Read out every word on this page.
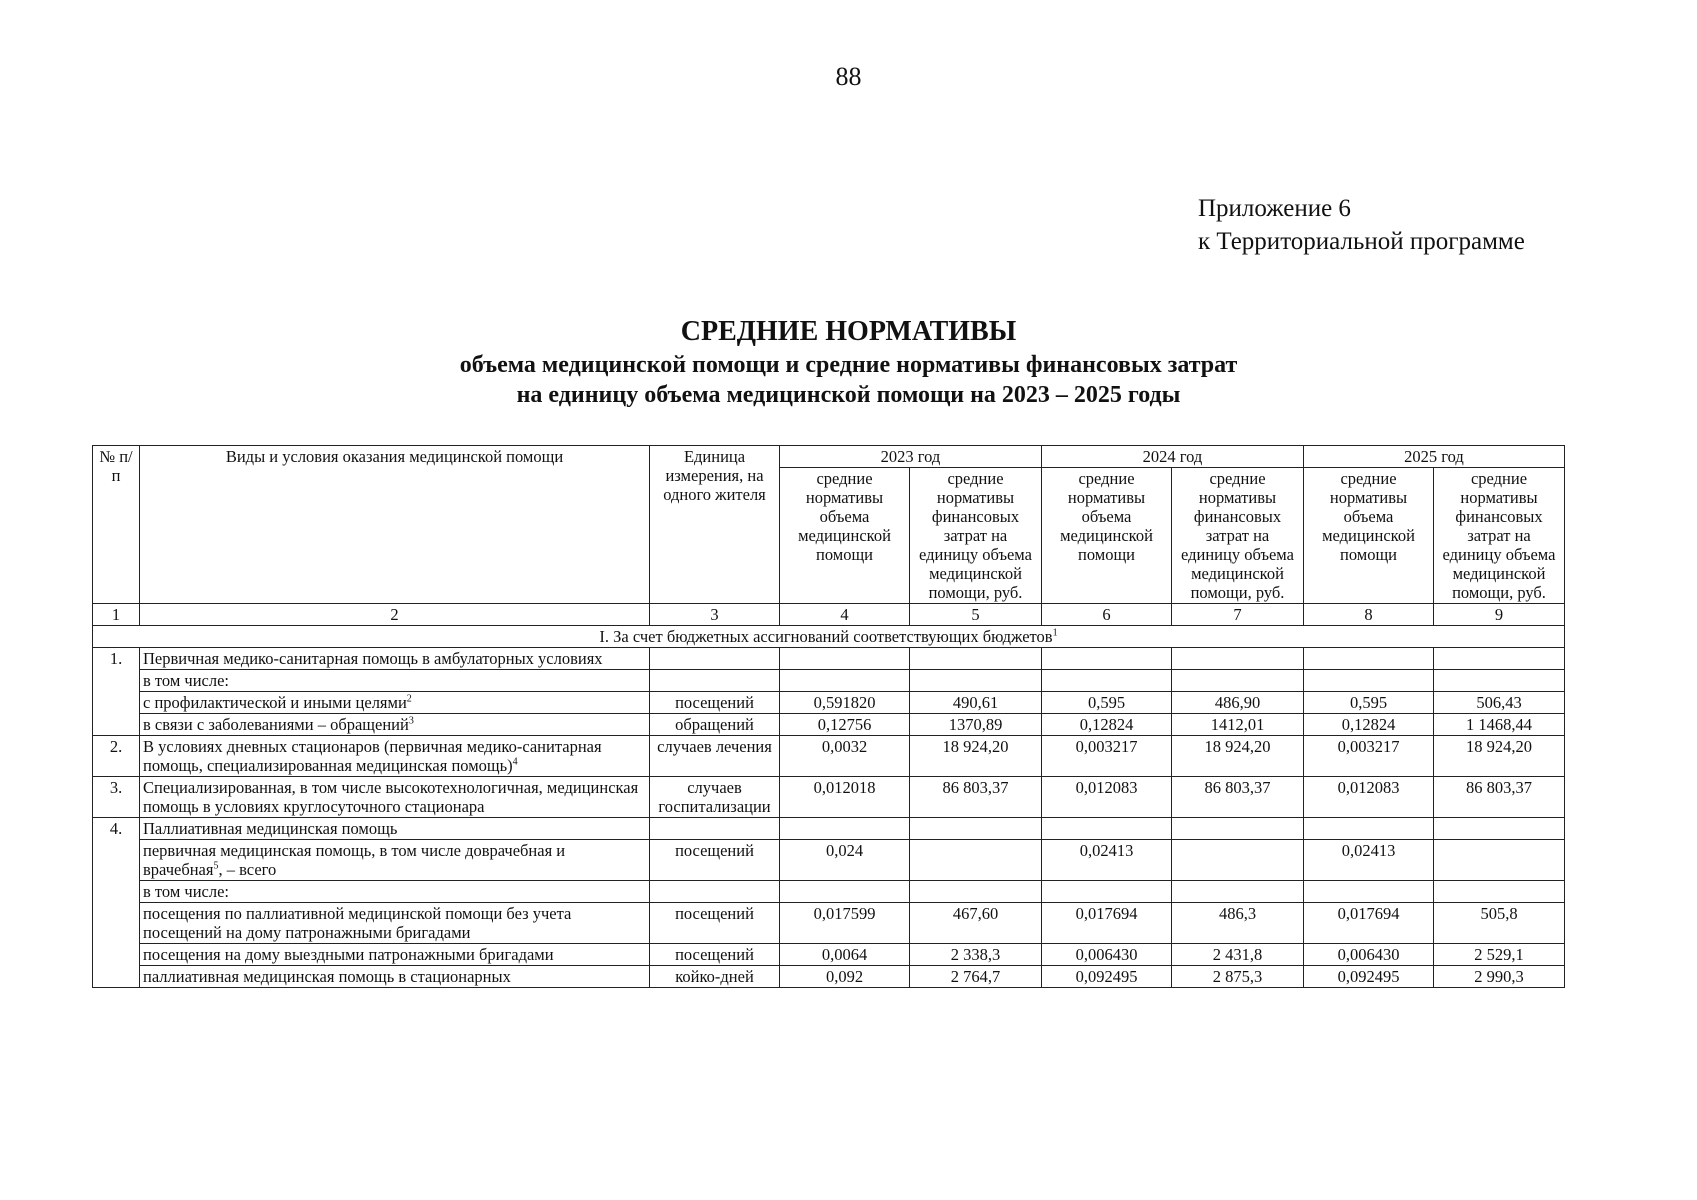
88
Приложение 6
к Территориальной программе
СРЕДНИЕ НОРМАТИВЫ
объема медицинской помощи и средние нормативы финансовых затрат
на единицу объема медицинской помощи на 2023 – 2025 годы
№ п/п	Виды и условия оказания медицинской помощи	Единица измерения, на одного жителя	2023 год		2024 год		2025 год	
			средние нормативы объема медицинской помощи	средние нормативы финансовых затрат на единицу объема медицинской помощи, руб.	средние нормативы объема медицинской помощи	средние нормативы финансовых затрат на единицу объема медицинской помощи, руб.	средние нормативы объема медицинской помощи	средние нормативы финансовых затрат на единицу объема медицинской помощи, руб.
1	2	3	4	5	6	7	8	9
I. За счет бюджетных ассигнований соответствующих бюджетов$^1$
1.	Первичная медико-санитарная помощь в амбулаторных условиях							
	в том числе:							
	с профилактической и иными целями$^2$	посещений	0,591820	490,61	0,595	486,90	0,595	506,43
	в связи с заболеваниями – обращений$^3$	обращений	0,12756	1370,89	0,12824	1412,01	0,12824	1 1468,44
2.	В условиях дневных стационаров (первичная медико-санитарная помощь, специализированная медицинская помощь)$^4$	случаев лечения	0,0032	18 924,20	0,003217	18 924,20	0,003217	18 924,20
3.	Специализированная, в том числе высокотехнологичная, медицинская помощь в условиях круглосуточного стационара	случаев госпитализации	0,012018	86 803,37	0,012083	86 803,37	0,012083	86 803,37
4.	Паллиативная медицинская помощь							
	первичная медицинская помощь, в том числе доврачебная и врачебная$^5$, – всего	посещений	0,024		0,02413		0,02413	
	в том числе:							
	посещения по паллиативной медицинской помощи без учета посещений на дому патронажными бригадами	посещений	0,017599	467,60	0,017694	486,3	0,017694	505,8
	посещения на дому выездными патронажными бригадами	посещений	0,0064	2 338,3	0,006430	2 431,8	0,006430	2 529,1
	паллиативная медицинская помощь в стационарных	койко-дней	0,092	2 764,7	0,092495	2 875,3	0,092495	2 990,3
